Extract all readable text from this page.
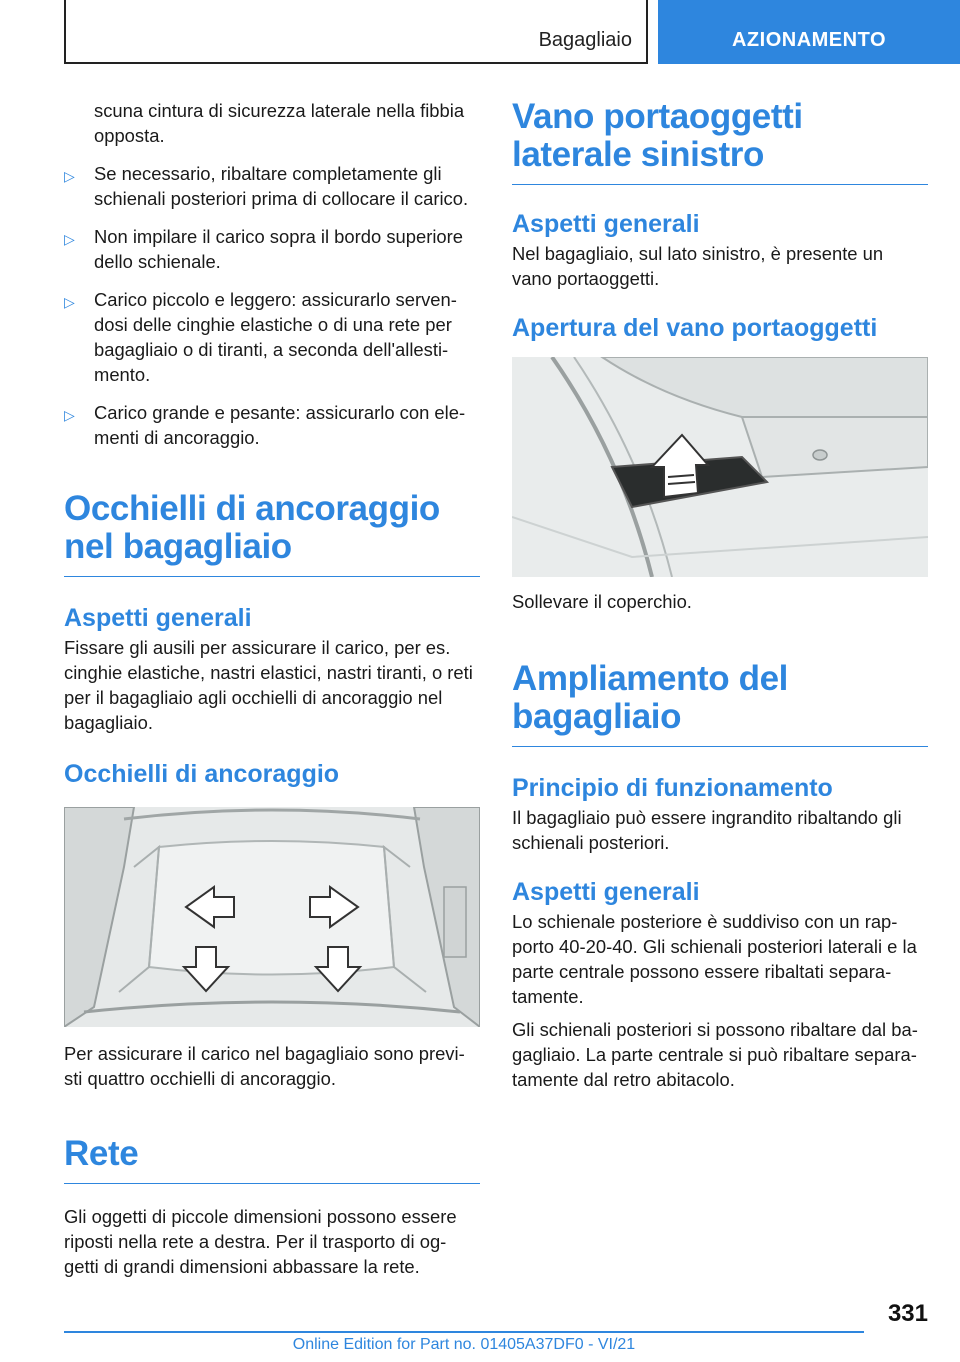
Bagagliaio	AZIONAMENTO

scuna cintura di sicurezza laterale nella fibbia opposta.

▷ Se necessario, ribaltare completamente gli schienali posteriori prima di collocare il carico.
▷ Non impilare il carico sopra il bordo superiore dello schienale.
▷ Carico piccolo e leggero: assicurarlo serven‐dosi delle cinghie elastiche o di una rete per bagagliaio o di tiranti, a seconda dell'allesti‐mento.
▷ Carico grande e pesante: assicurarlo con ele‐menti di ancoraggio.
Occhielli di ancoraggio nel bagagliaio
Aspetti generali

Fissare gli ausili per assicurare il carico, per es. cinghie elastiche, nastri elastici, nastri tiranti, o reti per il bagagliaio agli occhielli di ancoraggio nel bagagliaio.

Occhielli di ancoraggio

Per assicurare il carico nel bagagliaio sono previ‐sti quattro occhielli di ancoraggio.

Rete

Gli oggetti di piccole dimensioni possono essere riposti nella rete a destra. Per il trasporto di og‐getti di grandi dimensioni abbassare la rete.

Vano portaoggetti laterale sinistro
Aspetti generali

Nel bagagliaio, sul lato sinistro, è presente un vano portaoggetti.

Apertura del vano portaoggetti

Sollevare il coperchio.

Ampliamento del bagagliaio
Principio di funzionamento

Il bagagliaio può essere ingrandito ribaltando gli schienali posteriori.

Aspetti generali

Lo schienale posteriore è suddiviso con un rap‐porto 40-20-40. Gli schienali posteriori laterali e la parte centrale possono essere ribaltati separa‐tamente.

Gli schienali posteriori si possono ribaltare dal ba‐gagliaio. La parte centrale si può ribaltare separa‐tamente dal retro abitacolo.

331
Online Edition for Part no. 01405A37DF0 - VI/21
